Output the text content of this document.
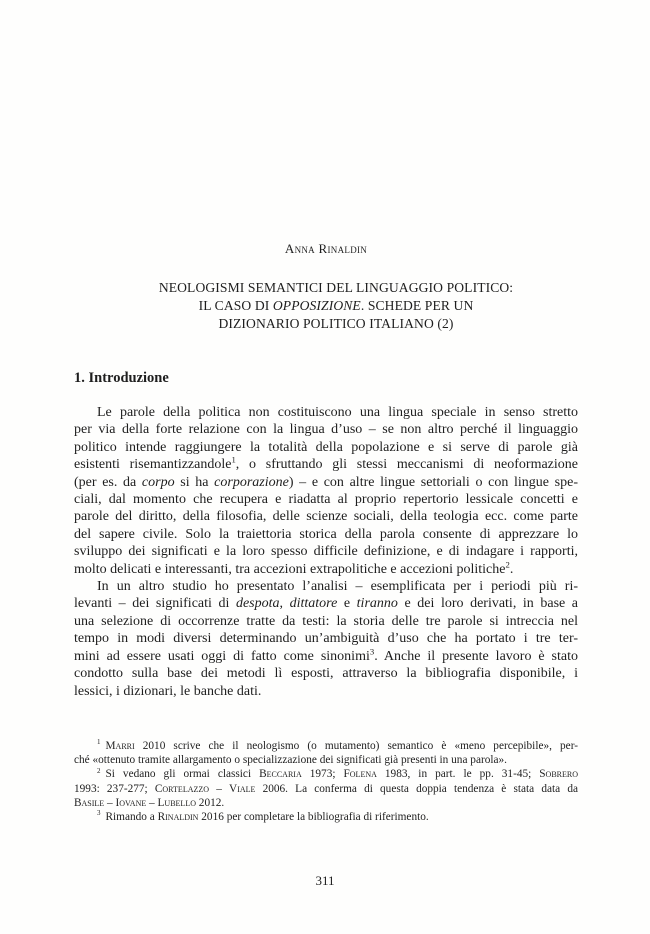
Anna Rinaldin
NEOLOGISMI SEMANTICI DEL LINGUAGGIO POLITICO:
IL CASO DI OPPOSIZIONE. SCHEDE PER UN
DIZIONARIO POLITICO ITALIANO (2)
1. Introduzione
Le parole della politica non costituiscono una lingua speciale in senso stretto
per via della forte relazione con la lingua d’uso – se non altro perché il linguaggio
politico intende raggiungere la totalità della popolazione e si serve di parole già
esistenti risemantizzandole$^1$, o sfruttando gli stessi meccanismi di neoformazione
(per es. da corpo si ha corporazione) – e con altre lingue settoriali o con lingue spe-
ciali, dal momento che recupera e riadatta al proprio repertorio lessicale concetti e
parole del diritto, della filosofia, delle scienze sociali, della teologia ecc. come parte
del sapere civile. Solo la traiettoria storica della parola consente di apprezzare lo
sviluppo dei significati e la loro spesso difficile definizione, e di indagare i rapporti,
molto delicati e interessanti, tra accezioni extrapolitiche e accezioni politiche$^2$.
In un altro studio ho presentato l’analisi – esemplificata per i periodi più ri-
levanti – dei significati di despota, dittatore e tiranno e dei loro derivati, in base a
una selezione di occorrenze tratte da testi: la storia delle tre parole si intreccia nel
tempo in modi diversi determinando un’ambiguità d’uso che ha portato i tre ter-
mini ad essere usati oggi di fatto come sinonimi$^3$. Anche il presente lavoro è stato
condotto sulla base dei metodi lì esposti, attraverso la bibliografia disponibile, i
lessici, i dizionari, le banche dati.
$^1$ Marri 2010 scrive che il neologismo (o mutamento) semantico è «meno percepibile», per-
ché «ottenuto tramite allargamento o specializzazione dei significati già presenti in una parola».
$^2$ Si vedano gli ormai classici Beccaria 1973; Folena 1983, in part. le pp. 31-45; Sobrero
1993: 237-277; Cortelazzo – Viale 2006. La conferma di questa doppia tendenza è stata data da
Basile – Iovane – Lubello 2012.
$^3$ Rimando a Rinaldin 2016 per completare la bibliografia di riferimento.
311
